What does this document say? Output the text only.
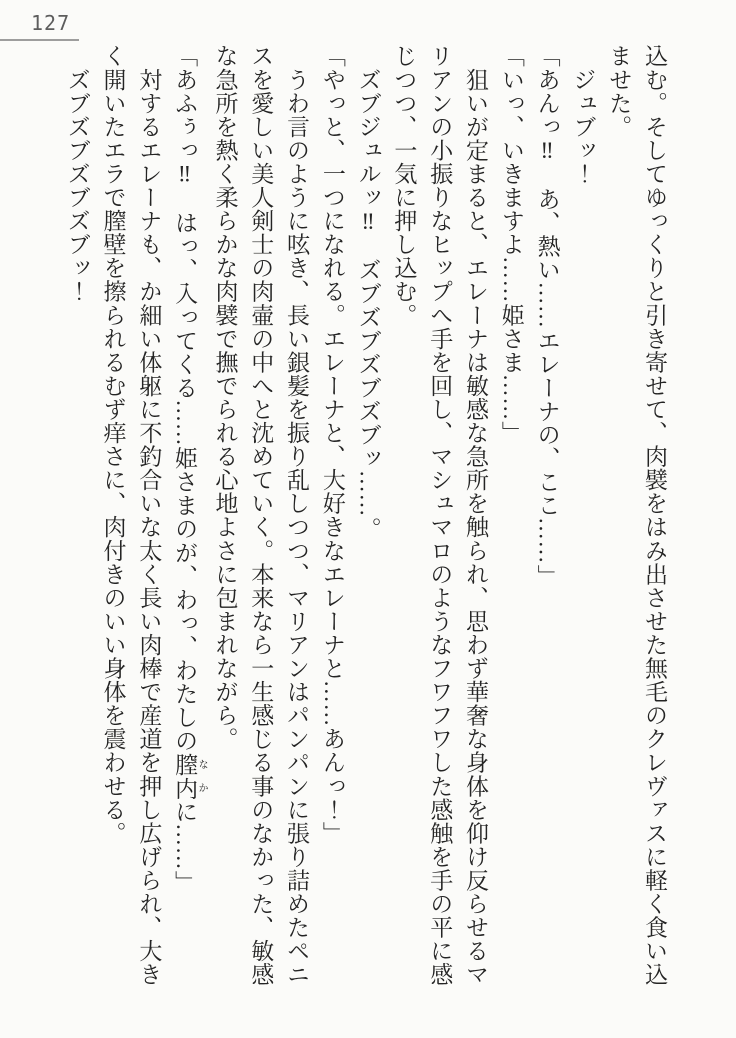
127
込む。そしてゆっくりと引き寄せて、肉襞をはみ出させた無毛のクレヴァスに軽く食い込
ませた。
　ジュブッ！
「あんっ‼　あ、熱い……エレーナの、ここ……」
「いっ、いきますよ……姫さま……」
　狙いが定まると、エレーナは敏感な急所を触られ、思わず華奢な身体を仰け反らせるマ
リアンの小振りなヒップへ手を回し、マシュマロのようなフワフワした感触を手の平に感
じつつ、一気に押し込む。
　ズブジュルッ‼　ズブズブズブズブッ……。
「やっと、一つになれる。エレーナと、大好きなエレーナと……あんっ！」
　うわ言のように呟き、長い銀髪を振り乱しつつ、マリアンはパンパンに張り詰めたペニ
スを愛しい美人剣士の肉壷の中へと沈めていく。本来なら一生感じる事のなかった、敏感
な急所を熱く柔らかな肉襞で撫でられる心地よさに包まれながら。
「あふぅっ‼　はっ、入ってくる……姫さまのが、わっ、わたしの膣内 なかに……」
　対するエレーナも、か細い体躯に不釣合いな太く長い肉棒で産道を押し広げられ、大き
く開いたエラで膣壁を擦られるむず痒さに、肉付きのいい身体を震わせる。
　ズブズブズブズブッ！
